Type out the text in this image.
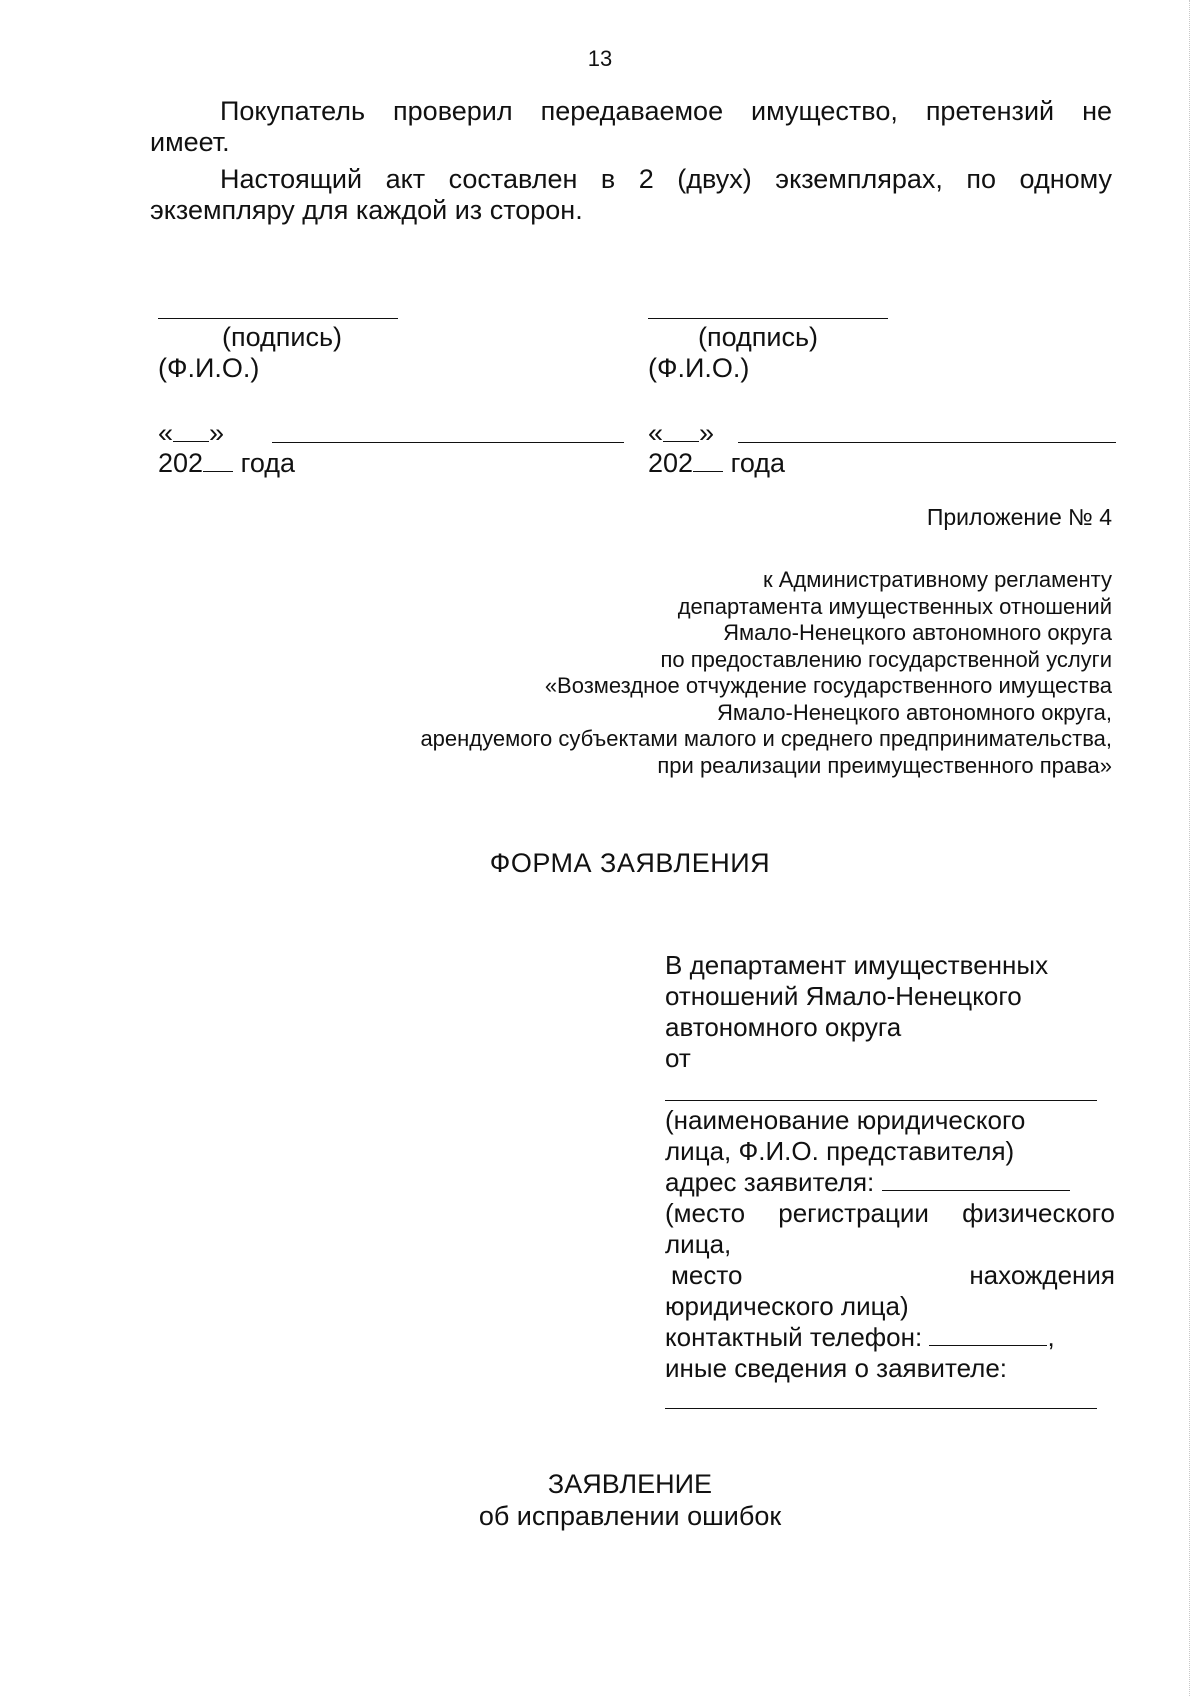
13
Покупатель проверил передаваемое имущество, претензий не
имеет.
Настоящий акт составлен в 2 (двух) экземплярах, по одному
экземпляру для каждой из сторон.
(подпись)
(Ф.И.О.)
« »
202 года
(подпись)
(Ф.И.О.)
« »
202 года
Приложение № 4
к Административному регламенту
департамента имущественных отношений
Ямало-Ненецкого автономного округа
по предоставлению государственной услуги
«Возмездное отчуждение государственного имущества
Ямало-Ненецкого автономного округа,
арендуемого субъектами малого и среднего предпринимательства,
при реализации преимущественного права»
ФОРМА ЗАЯВЛЕНИЯ
В департамент имущественных
отношений Ямало-Ненецкого
автономного округа
от
(наименование юридического
лица, Ф.И.О. представителя)
адрес заявителя:
(место регистрации физического
лица,
место	нахождения
юридического лица)
контактный телефон:	,
иные сведения о заявителе:
ЗАЯВЛЕНИЕ
об исправлении ошибок
